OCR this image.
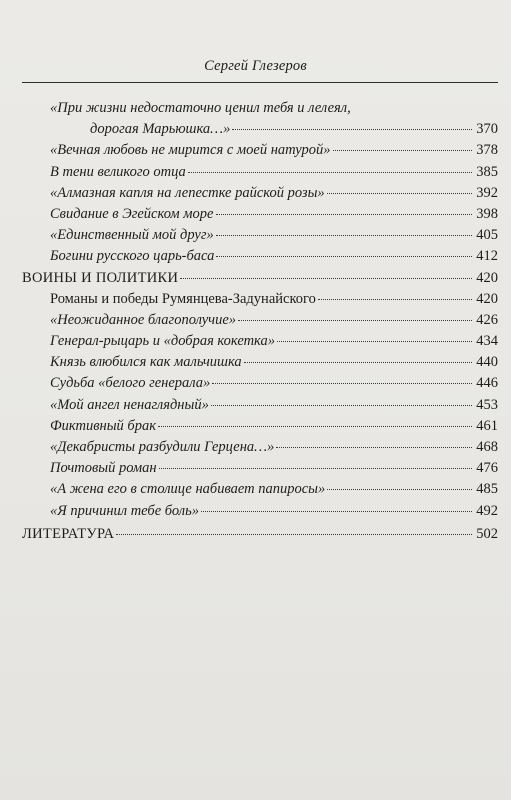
Сергей Глезеров
«При жизни недостаточно ценил тебя и лелеял,
дорогая Марьюшка…»	370
«Вечная любовь не мирится с моей натурой»	378
В тени великого отца	385
«Алмазная капля на лепестке райской розы»	392
Свидание в Эгейском море	398
«Единственный мой друг»	405
Богини русского царь-баса	412
ВОИНЫ И ПОЛИТИКИ	420
Романы и победы Румянцева-Задунайского	420
«Неожиданное благополучие»	426
Генерал-рыцарь и «добрая кокетка»	434
Князь влюбился как мальчишка	440
Судьба «белого генерала»	446
«Мой ангел ненаглядный»	453
Фиктивный брак	461
«Декабристы разбудили Герцена…»	468
Почтовый роман	476
«А жена его в столице набивает папиросы»	485
«Я причинил тебе боль»	492
ЛИТЕРАТУРА	502
